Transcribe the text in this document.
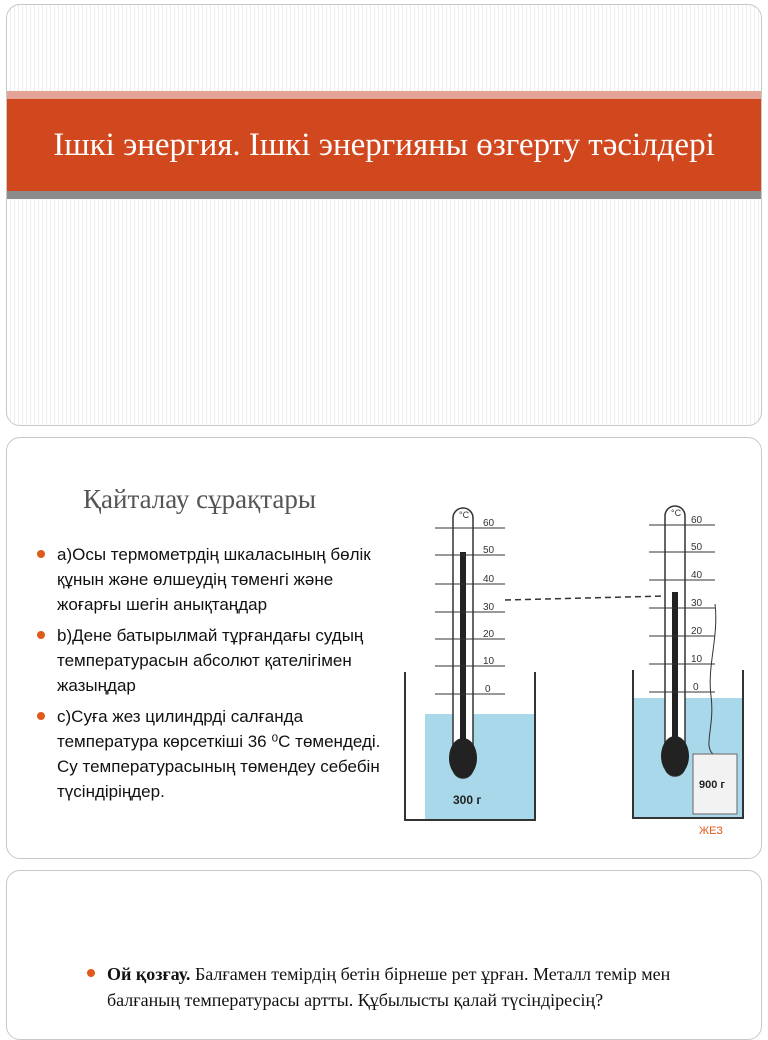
Ішкі энергия. Ішкі энергияны өзгерту тәсілдері

Қайталау сұрақтары
а)Осы термометрдің шкаласының бөлік құнын және өлшеудің төменгі және жоғарғы шегін анықтаңдар
b)Дене батырылмай тұрғандағы судың температурасын абсолют қателігімен жазыңдар
c)Суға жез цилиндрді салғанда температура көрсеткіші 36 ⁰С төмендеді. Су температурасының төмендеу себебін түсіндіріңдер.
°C
60
50
40
30
20
10
0
300 г
°C
60
50
40
30
20
10
0
900 г
ЖЕЗ
Ой қозғау. Балғамен темірдің бетін бірнеше рет ұрған. Металл темір мен балғаның температурасы артты. Құбылысты қалай түсіндіресің?
